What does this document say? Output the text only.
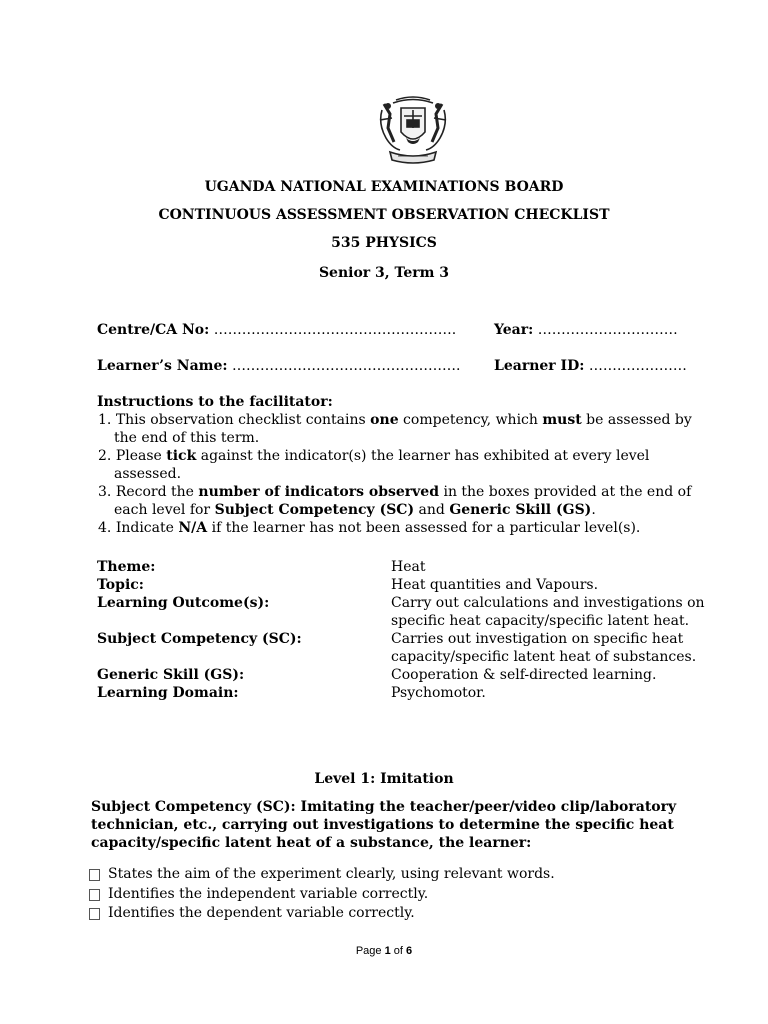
UGANDA NATIONAL EXAMINATIONS BOARD
CONTINUOUS ASSESSMENT OBSERVATION CHECKLIST
535 PHYSICS
Senior 3, Term 3
Centre/CA No: …………………………………………….	Year: …………………………
Learner’s Name: …………………………………………. Learner ID: …………………
Instructions to the facilitator:
1. This observation checklist contains one competency, which must be assessed by the end of this term.
2. Please tick against the indicator(s) the learner has exhibited at every level assessed.
3. Record the number of indicators observed in the boxes provided at the end of each level for Subject Competency (SC) and Generic Skill (GS).
4. Indicate N/A if the learner has not been assessed for a particular level(s).
Theme:	Heat
Topic:	Heat quantities and Vapours.
Learning Outcome(s):	Carry out calculations and investigations on specific heat capacity/specific latent heat.
Subject Competency (SC):	Carries out investigation on specific heat capacity/specific latent heat of substances.
Generic Skill (GS):	Cooperation & self-directed learning.
Learning Domain:	Psychomotor.
Level 1: Imitation
Subject Competency (SC): Imitating the teacher/peer/video clip/laboratory technician, etc., carrying out investigations to determine the specific heat capacity/specific latent heat of a substance, the learner:
States the aim of the experiment clearly, using relevant words.
Identifies the independent variable correctly.
Identifies the dependent variable correctly.
Page 1 of 6
